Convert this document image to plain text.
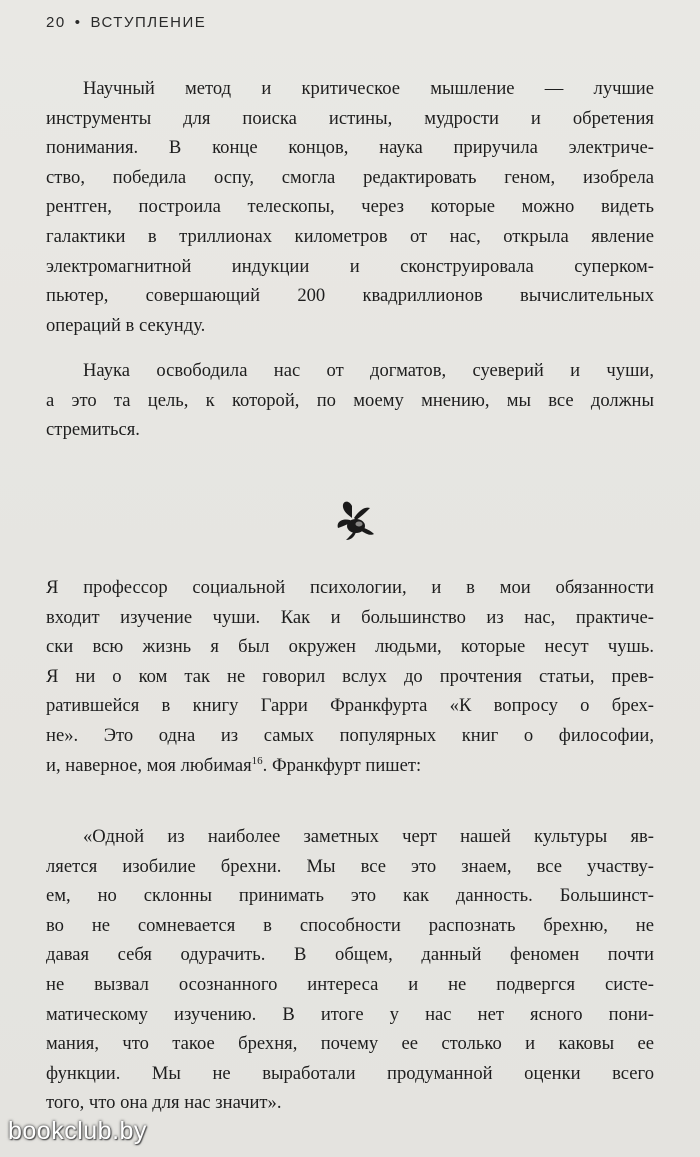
20 • ВСТУПЛЕНИЕ
Научный метод и критическое мышление — лучшие
инструменты для поиска истины, мудрости и обретения
понимания. В конце концов, наука приручила электриче-
ство, победила оспу, смогла редактировать геном, изобрела
рентген, построила телескопы, через которые можно видеть
галактики в триллионах километров от нас, открыла явление
электромагнитной индукции и сконструировала суперком-
пьютер, совершающий 200 квадриллионов вычислительных
операций в секунду.
Наука освободила нас от догматов, суеверий и чуши,
а это та цель, к которой, по моему мнению, мы все должны
стремиться.
Я профессор социальной психологии, и в мои обязанности
входит изучение чуши. Как и большинство из нас, практиче-
ски всю жизнь я был окружен людьми, которые несут чушь.
Я ни о ком так не говорил вслух до прочтения статьи, прев-
ратившейся в книгу Гарри Франкфурта «К вопросу о брех-
не». Это одна из самых популярных книг о философии,
и, наверное, моя любимая$^{16}$. Франкфурт пишет:
«Одной из наиболее заметных черт нашей культуры яв-
ляется изобилие брехни. Мы все это знаем, все участву-
ем, но склонны принимать это как данность. Большинст-
во не сомневается в способности распознать брехню, не
давая себя одурачить. В общем, данный феномен почти
не вызвал осознанного интереса и не подвергся систе-
матическому изучению. В итоге у нас нет ясного пони-
мания, что такое брехня, почему ее столько и каковы ее
функции. Мы не выработали продуманной оценки всего
того, что она для нас значит».
bookclub.by
